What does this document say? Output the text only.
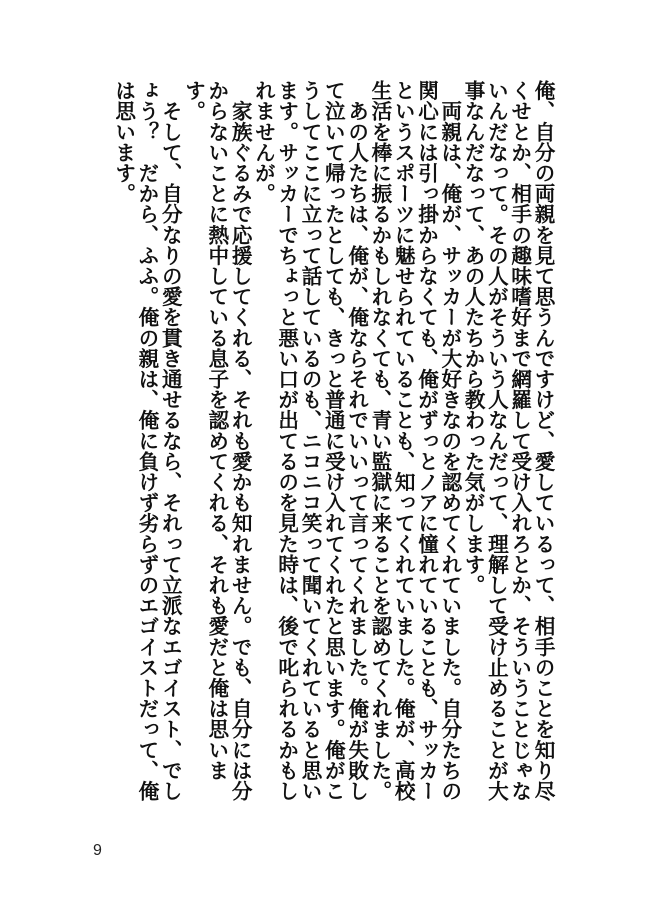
俺、自分の両親を見て思うんですけど、愛しているって、相手のことを知り尽くせとか、相手の趣味嗜好まで網羅して受け入れろとか、そういうことじゃないんだなって。その人がそういう人なんだって、理解して受け止めることが大事なんだなって、あの人たちから教わった気がします。

　両親は、俺が、サッカーが大好きなのを認めてくれていました。自分たちの関心には引っ掛からなくても、俺がずっとノアに憧れていることも、サッカーというスポーツに魅せられていることも、知ってくれていました。俺が、高校生活を棒に振るかもしれなくても、青い監獄に来ることを認めてくれました。

　あの人たちは、俺が、俺ならそれでいいって言ってくれました。俺が失敗して泣いて帰ったとしても、きっと普通に受け入れてくれたと思います。俺がこうしてここに立って話しているのも、ニコニコ笑って聞いてくれていると思います。サッカーでちょっと悪い口が出てるのを見た時は、後で叱られるかもしれませんが。

　家族ぐるみで応援してくれる、それも愛かも知れません。でも、自分には分からないことに熱中している息子を認めてくれる、それも愛だと俺は思います。

　そして、自分なりの愛を貫き通せるなら、それって立派なエゴイスト、でしょう？　だから、ふふ。俺の親は、俺に負けず劣らずのエゴイストだって、俺は思います。

9
